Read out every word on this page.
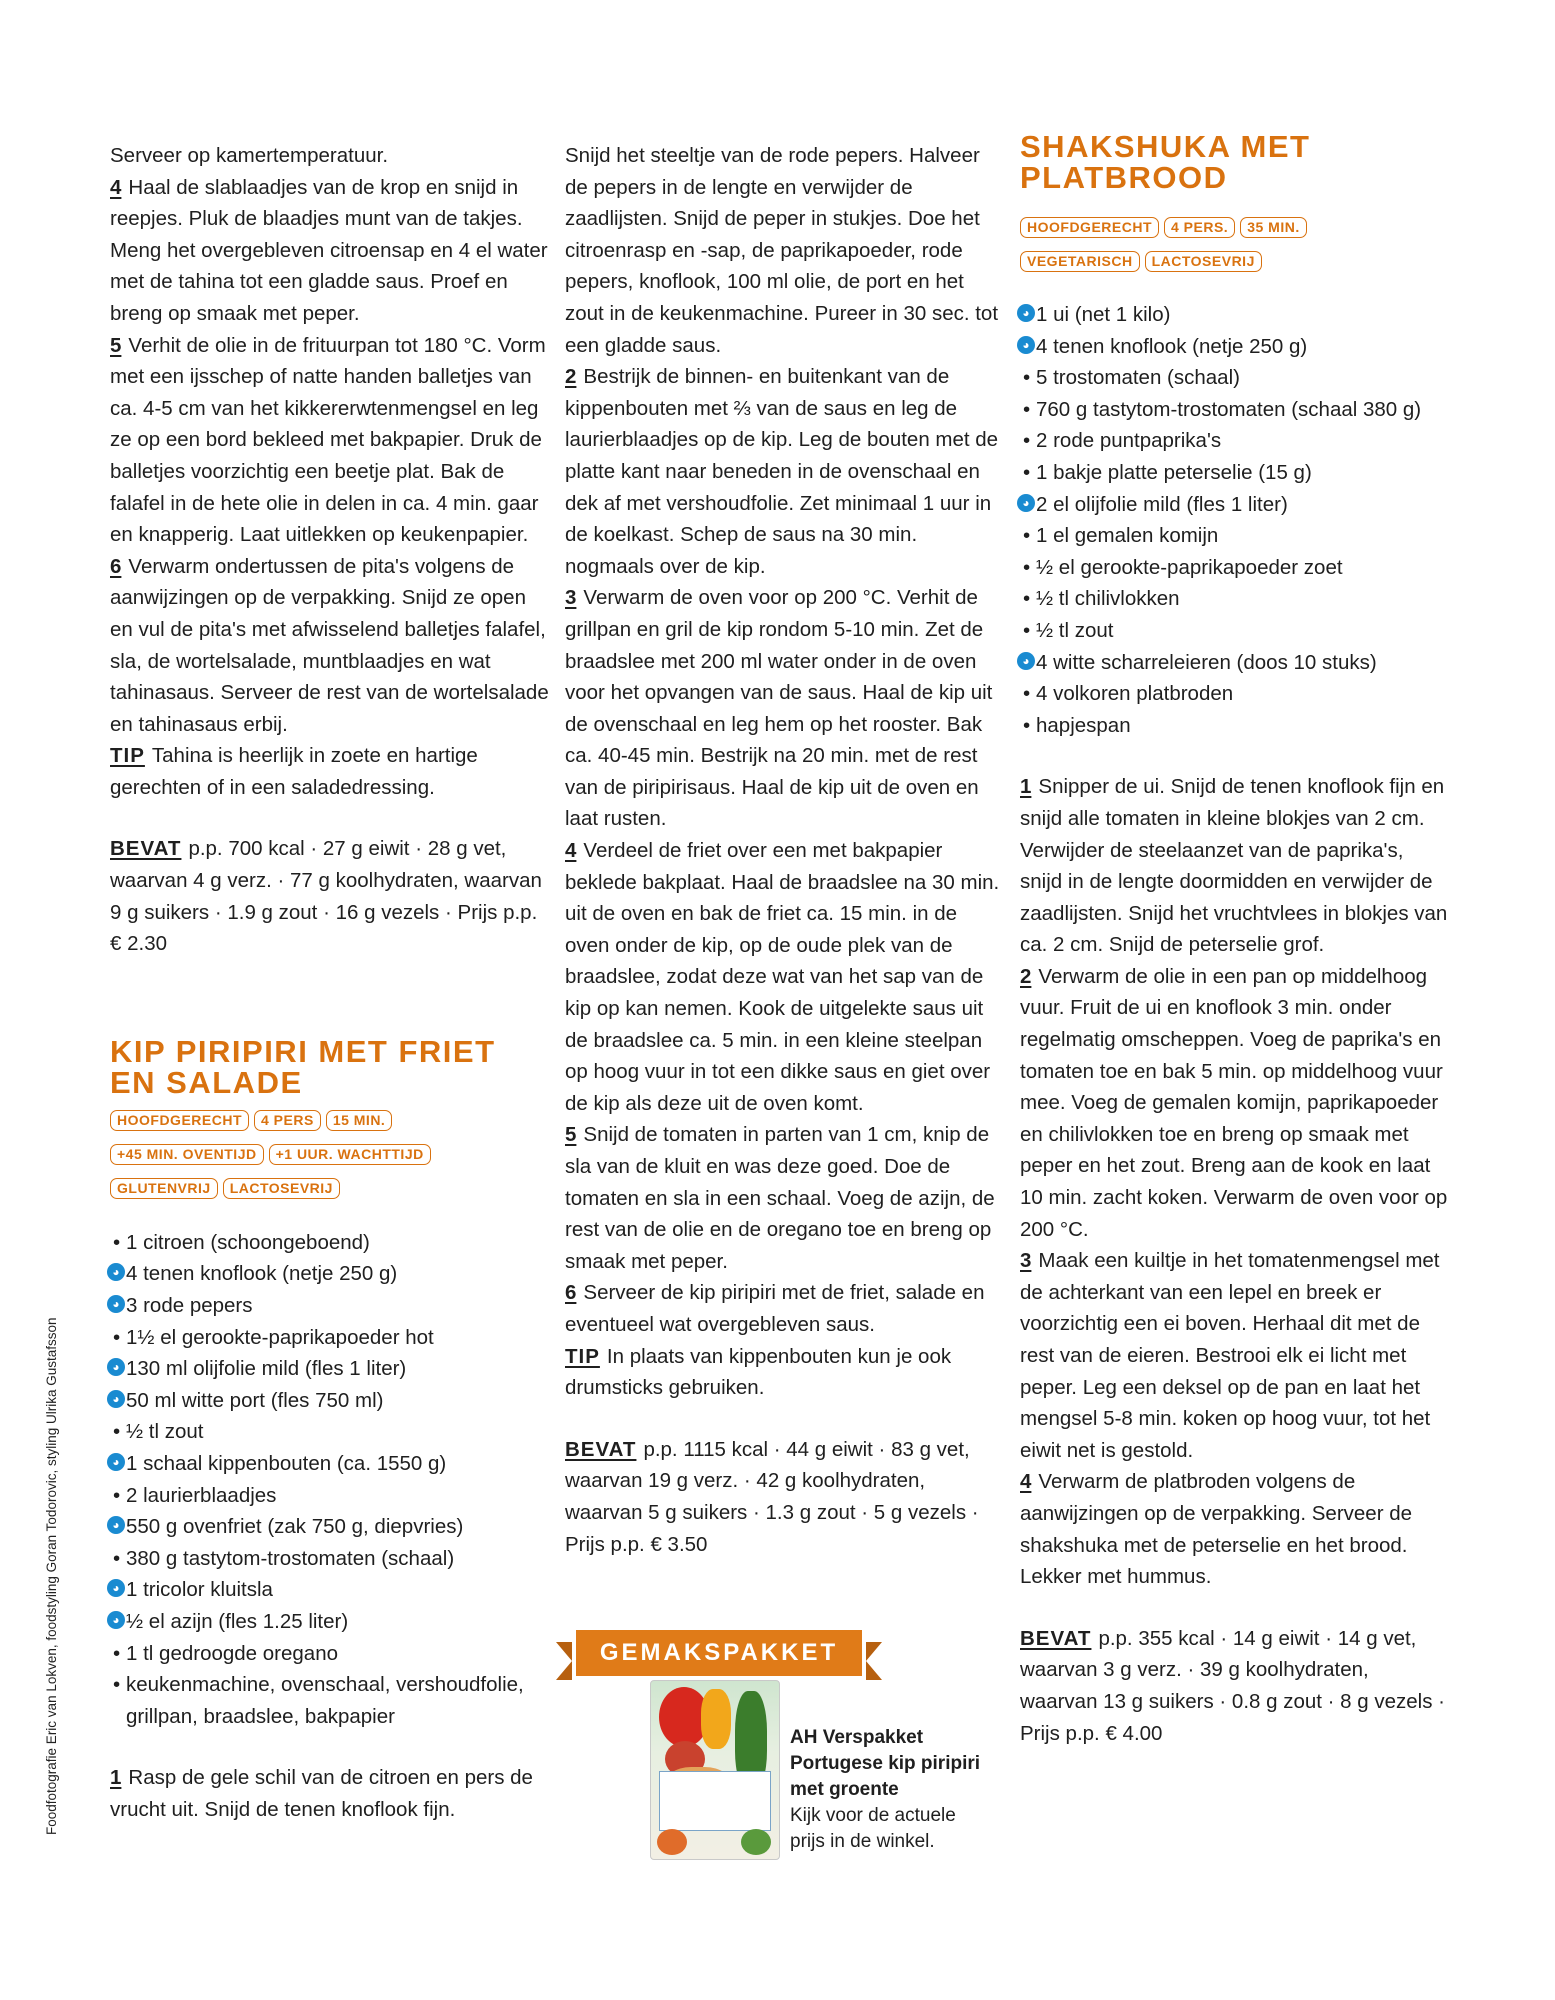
Foodfotografie Eric van Lokven, foodstyling Goran Todorovic, styling Ulrika Gustafsson

Serveer op kamertemperatuur.

4 Haal de slablaadjes van de krop en snijd in reepjes. Pluk de blaadjes munt van de takjes. Meng het overgebleven citroensap en 4 el water met de tahina tot een gladde saus. Proef en breng op smaak met peper.

5 Verhit de olie in de frituurpan tot 180 °C. Vorm met een ijsschep of natte handen balletjes van ca. 4-5 cm van het kikkererwtenmengsel en leg ze op een bord bekleed met bakpapier. Druk de balletjes voorzichtig een beetje plat. Bak de falafel in de hete olie in delen in ca. 4 min. gaar en knapperig. Laat uitlekken op keukenpapier.

6 Verwarm ondertussen de pita's volgens de aanwijzingen op de verpakking. Snijd ze open en vul de pita's met afwisselend balletjes falafel, sla, de wortelsalade, muntblaadjes en wat tahinasaus. Serveer de rest van de wortelsalade en tahinasaus erbij.

TIP Tahina is heerlijk in zoete en hartige gerechten of in een saladedressing.

BEVAT p.p. 700 kcal · 27 g eiwit · 28 g vet, waarvan 4 g verz. · 77 g koolhydraten, waarvan 9 g suikers · 1.9 g zout · 16 g vezels · Prijs p.p. € 2.30

KIP PIRIPIRI MET FRIET EN SALADE
HOOFDGERECHT 4 PERS 15 MIN.
+45 MIN. OVENTIJD +1 UUR. WACHTTIJD
GLUTENVRIJ LACTOSEVRIJ
• 1 citroen (schoongeboend)
◕ 4 tenen knoflook (netje 250 g)
◕ 3 rode pepers
• 1½ el gerookte-paprikapoeder hot
◕ 130 ml olijfolie mild (fles 1 liter)
◕ 50 ml witte port (fles 750 ml)
• ½ tl zout
◕ 1 schaal kippenbouten (ca. 1550 g)
• 2 laurierblaadjes
◕ 550 g ovenfriet (zak 750 g, diepvries)
• 380 g tastytom-trostomaten (schaal)
◕ 1 tricolor kluitsla
◕ ½ el azijn (fles 1.25 liter)
• 1 tl gedroogde oregano
• keukenmachine, ovenschaal, vershoudfolie, grillpan, braadslee, bakpapier

1 Rasp de gele schil van de citroen en pers de vrucht uit. Snijd de tenen knoflook fijn.

Snijd het steeltje van de rode pepers. Halveer de pepers in de lengte en verwijder de zaadlijsten. Snijd de peper in stukjes. Doe het citroenrasp en -sap, de paprikapoeder, rode pepers, knoflook, 100 ml olie, de port en het zout in de keukenmachine. Pureer in 30 sec. tot een gladde saus.

2 Bestrijk de binnen- en buitenkant van de kippenbouten met ⅔ van de saus en leg de laurierblaadjes op de kip. Leg de bouten met de platte kant naar beneden in de ovenschaal en dek af met vershoudfolie. Zet minimaal 1 uur in de koelkast. Schep de saus na 30 min. nogmaals over de kip.

3 Verwarm de oven voor op 200 °C. Verhit de grillpan en gril de kip rondom 5-10 min. Zet de braadslee met 200 ml water onder in de oven voor het opvangen van de saus. Haal de kip uit de ovenschaal en leg hem op het rooster. Bak ca. 40-45 min. Bestrijk na 20 min. met de rest van de piripirisaus. Haal de kip uit de oven en laat rusten.

4 Verdeel de friet over een met bakpapier beklede bakplaat. Haal de braadslee na 30 min. uit de oven en bak de friet ca. 15 min. in de oven onder de kip, op de oude plek van de braadslee, zodat deze wat van het sap van de kip op kan nemen. Kook de uitgelekte saus uit de braadslee ca. 5 min. in een kleine steelpan op hoog vuur in tot een dikke saus en giet over de kip als deze uit de oven komt.

5 Snijd de tomaten in parten van 1 cm, knip de sla van de kluit en was deze goed. Doe de tomaten en sla in een schaal. Voeg de azijn, de rest van de olie en de oregano toe en breng op smaak met peper.

6 Serveer de kip piripiri met de friet, salade en eventueel wat overgebleven saus.

TIP In plaats van kippenbouten kun je ook drumsticks gebruiken.

BEVAT p.p. 1115 kcal · 44 g eiwit · 83 g vet, waarvan 19 g verz. · 42 g koolhydraten, waarvan 5 g suikers · 1.3 g zout · 5 g vezels · Prijs p.p. € 3.50

GEMAKSPAKKET
AH Verspakket Portugese kip piripiri met groente
Kijk voor de actuele prijs in de winkel.
SHAKSHUKA MET PLATBROOD
HOOFDGERECHT 4 PERS. 35 MIN.
VEGETARISCH LACTOSEVRIJ
◕ 1 ui (net 1 kilo)
◕ 4 tenen knoflook (netje 250 g)
• 5 trostomaten (schaal)
• 760 g tastytom-trostomaten (schaal 380 g)
• 2 rode puntpaprika's
• 1 bakje platte peterselie (15 g)
◕ 2 el olijfolie mild (fles 1 liter)
• 1 el gemalen komijn
• ½ el gerookte-paprikapoeder zoet
• ½ tl chilivlokken
• ½ tl zout
◕ 4 witte scharreleieren (doos 10 stuks)
• 4 volkoren platbroden
• hapjespan

1 Snipper de ui. Snijd de tenen knoflook fijn en snijd alle tomaten in kleine blokjes van 2 cm. Verwijder de steelaanzet van de paprika's, snijd in de lengte doormidden en verwijder de zaadlijsten. Snijd het vruchtvlees in blokjes van ca. 2 cm. Snijd de peterselie grof.

2 Verwarm de olie in een pan op middelhoog vuur. Fruit de ui en knoflook 3 min. onder regelmatig omscheppen. Voeg de paprika's en tomaten toe en bak 5 min. op middelhoog vuur mee. Voeg de gemalen komijn, paprikapoeder en chilivlokken toe en breng op smaak met peper en het zout. Breng aan de kook en laat 10 min. zacht koken. Verwarm de oven voor op 200 °C.

3 Maak een kuiltje in het tomatenmengsel met de achterkant van een lepel en breek er voorzichtig een ei boven. Herhaal dit met de rest van de eieren. Bestrooi elk ei licht met peper. Leg een deksel op de pan en laat het mengsel 5-8 min. koken op hoog vuur, tot het eiwit net is gestold.

4 Verwarm de platbroden volgens de aanwijzingen op de verpakking. Serveer de shakshuka met de peterselie en het brood. Lekker met hummus.

BEVAT p.p. 355 kcal · 14 g eiwit · 14 g vet, waarvan 3 g verz. · 39 g koolhydraten, waarvan 13 g suikers · 0.8 g zout · 8 g vezels · Prijs p.p. € 4.00
